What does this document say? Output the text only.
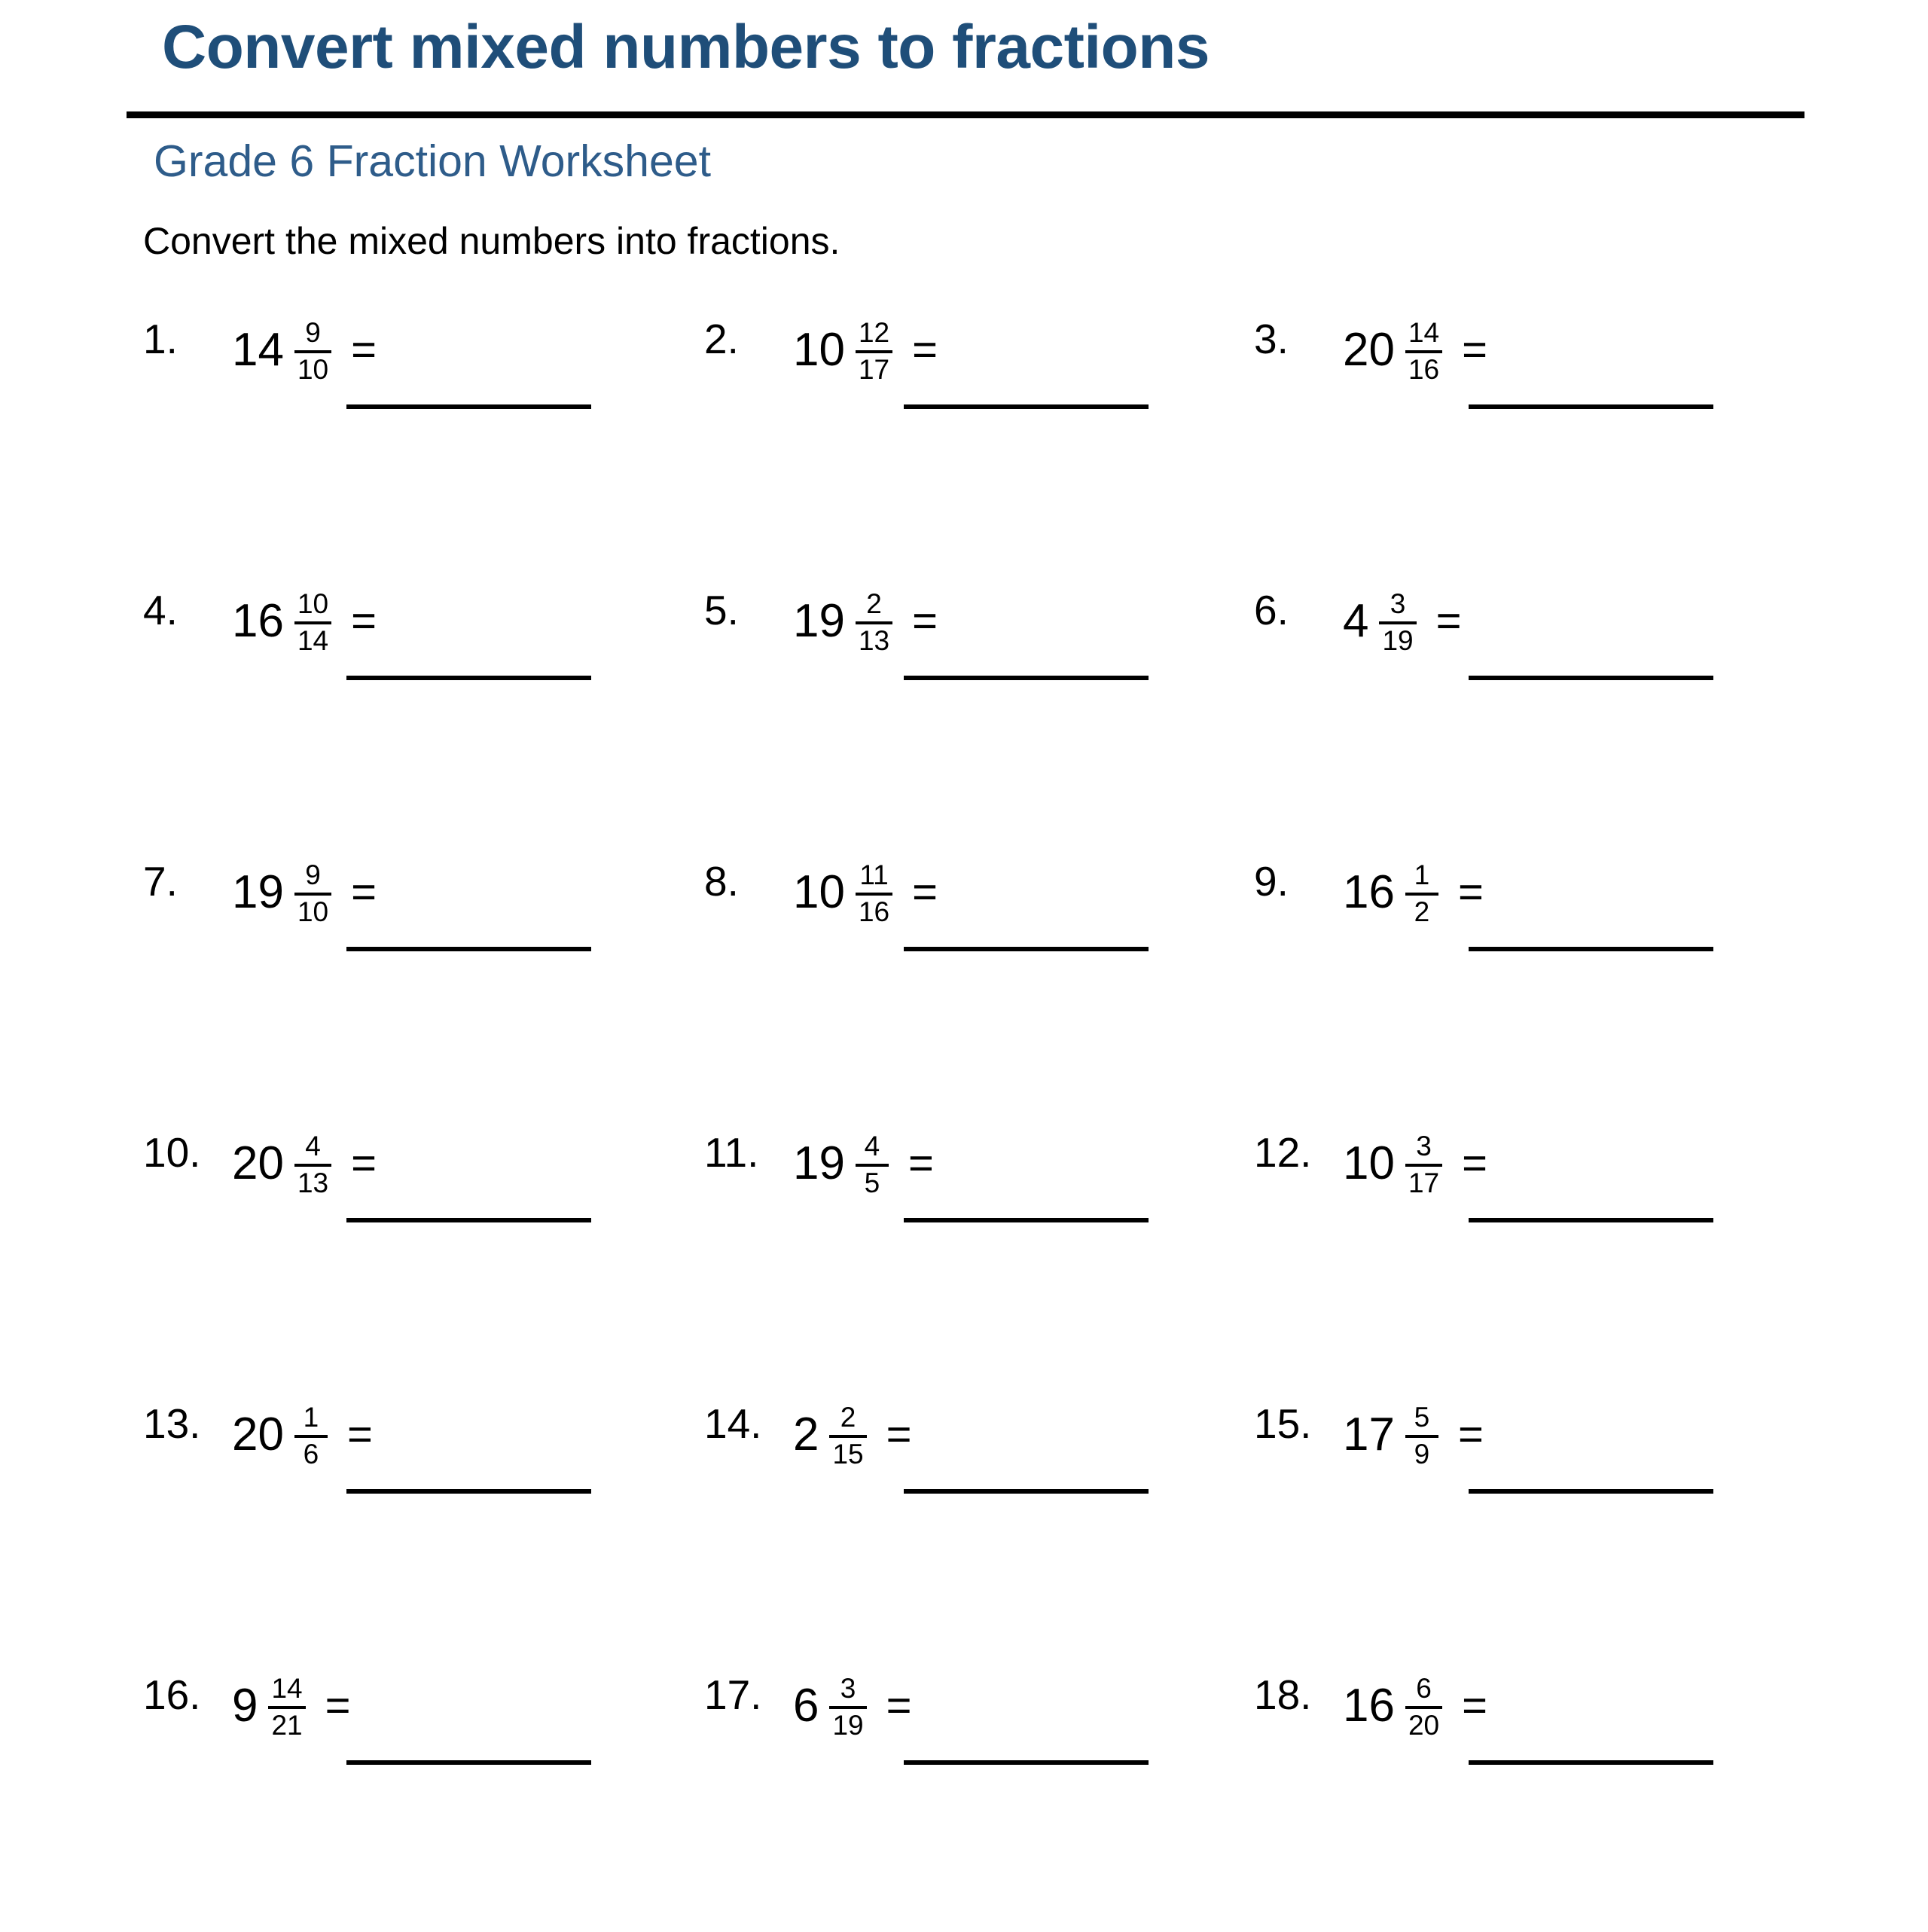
Convert mixed numbers to fractions
Grade 6 Fraction Worksheet
Convert the mixed numbers into fractions.
1. $14 \frac{9}{10}$ =	2. $10 \frac{12}{17}$ =	3. $20 \frac{14}{16}$ =
4. $16 \frac{10}{14}$ =	5. $19 \frac{2}{13}$ =	6. $4 \frac{3}{19}$ =
7. $19 \frac{9}{10}$ =	8. $10 \frac{11}{16}$ =	9. $16 \frac{1}{2}$ =
10. $20 \frac{4}{13}$ =	11. $19 \frac{4}{5}$ =	12. $10 \frac{3}{17}$ =
13. $20 \frac{1}{6}$ =	14. $2 \frac{2}{15}$ =	15. $17 \frac{5}{9}$ =
16. $9 \frac{14}{21}$ =	17. $6 \frac{3}{19}$ =	18. $16 \frac{6}{20}$ =
